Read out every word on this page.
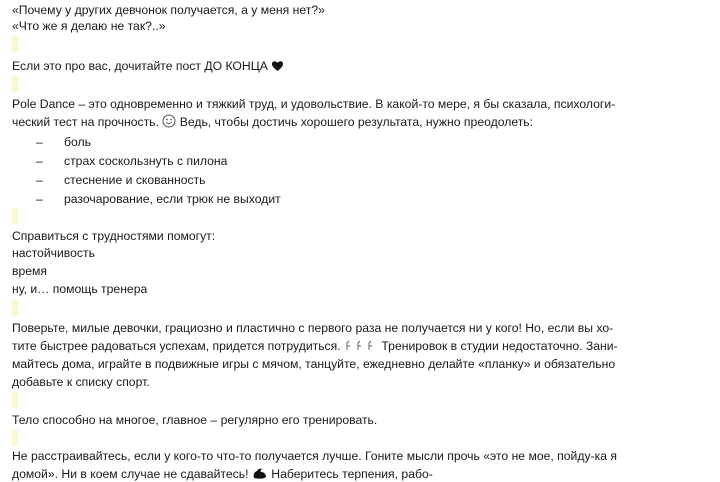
«Почему у других девчонок получается, а у меня нет?»
«Что же я делаю не так?..»
Если это про вас, дочитайте пост ДО КОНЦА
Pole Dance – это одновременно и тяжкий труд, и удовольствие. В какой-то мере, я бы сказала, психологи-
ческий тест на прочность. Ведь, чтобы достичь хорошего результата, нужно преодолеть:
– боль
– страх соскользнуть с пилона
– стеснение и скованность
– разочарование, если трюк не выходит
Справиться с трудностями помогут:
настойчивость
время
ну, и… помощь тренера
Поверьте, милые девочки, грациозно и пластично с первого раза не получается ни у кого! Но, если вы хо-
тите быстрее радоваться успехам, придется потрудиться.	Тренировок в студии недостаточно. Зани-
майтесь дома, играйте в подвижные игры с мячом, танцуйте, ежедневно делайте «планку» и обязательно
добавьте к списку спорт.
Тело способно на многое, главное – регулярно его тренировать.
Не расстраивайтесь, если у кого-то что-то получается лучше. Гоните мысли прочь «это не мое, пойду-ка я
домой». Ни в коем случае не сдавайтесь! Наберитесь терпения, рабо-
